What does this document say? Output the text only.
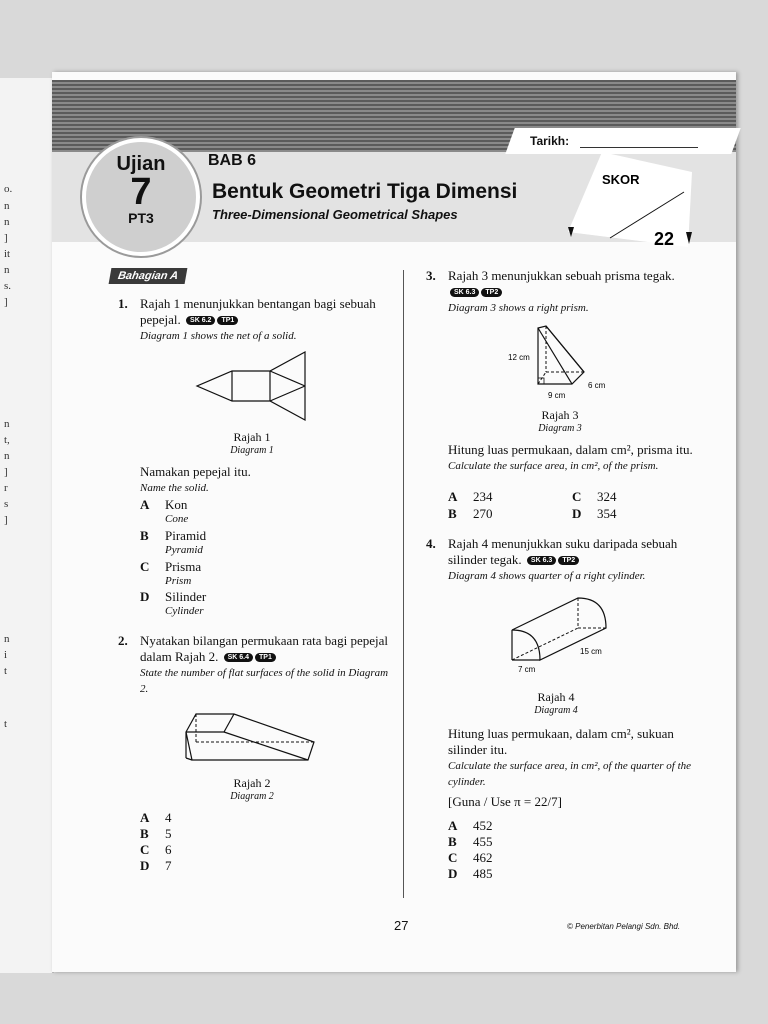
o.
n
n
]
it
n
s.
]
n
t,
n
]
r
s
]
n
i
t
t
Tarikh:
Ujian
7
PT3
BAB 6
Bentuk Geometri Tiga Dimensi
Three-Dimensional Geometrical Shapes
SKOR
22
Bahagian A
1. Rajah 1 menunjukkan bentangan bagi sebuah pepejal. SK 6.2 TP1
Diagram 1 shows the net of a solid.
Rajah 1
Diagram 1
Namakan pepejal itu.
Name the solid.
A Kon
Cone
B Piramid
Pyramid
C Prisma
Prism
D Silinder
Cylinder
2. Nyatakan bilangan permukaan rata bagi pepejal dalam Rajah 2. SK 6.4 TP1
State the number of flat surfaces of the solid in Diagram 2.
Rajah 2
Diagram 2
A 4
B 5
C 6
D 7
3. Rajah 3 menunjukkan sebuah prisma tegak. SK 6.3 TP2
Diagram 3 shows a right prism.
12 cm
6 cm
9 cm
Rajah 3
Diagram 3
Hitung luas permukaan, dalam cm², prisma itu.
Calculate the surface area, in cm², of the prism.
A 234	C 324
B 270	D 354
4. Rajah 4 menunjukkan suku daripada sebuah silinder tegak. SK 6.3 TP2
Diagram 4 shows quarter of a right cylinder.
15 cm
7 cm
Rajah 4
Diagram 4
Hitung luas permukaan, dalam cm², sukuan silinder itu.
Calculate the surface area, in cm², of the quarter of the cylinder.
[Guna / Use π = 22/7]
A 452
B 455
C 462
D 485
27	© Penerbitan Pelangi Sdn. Bhd.
